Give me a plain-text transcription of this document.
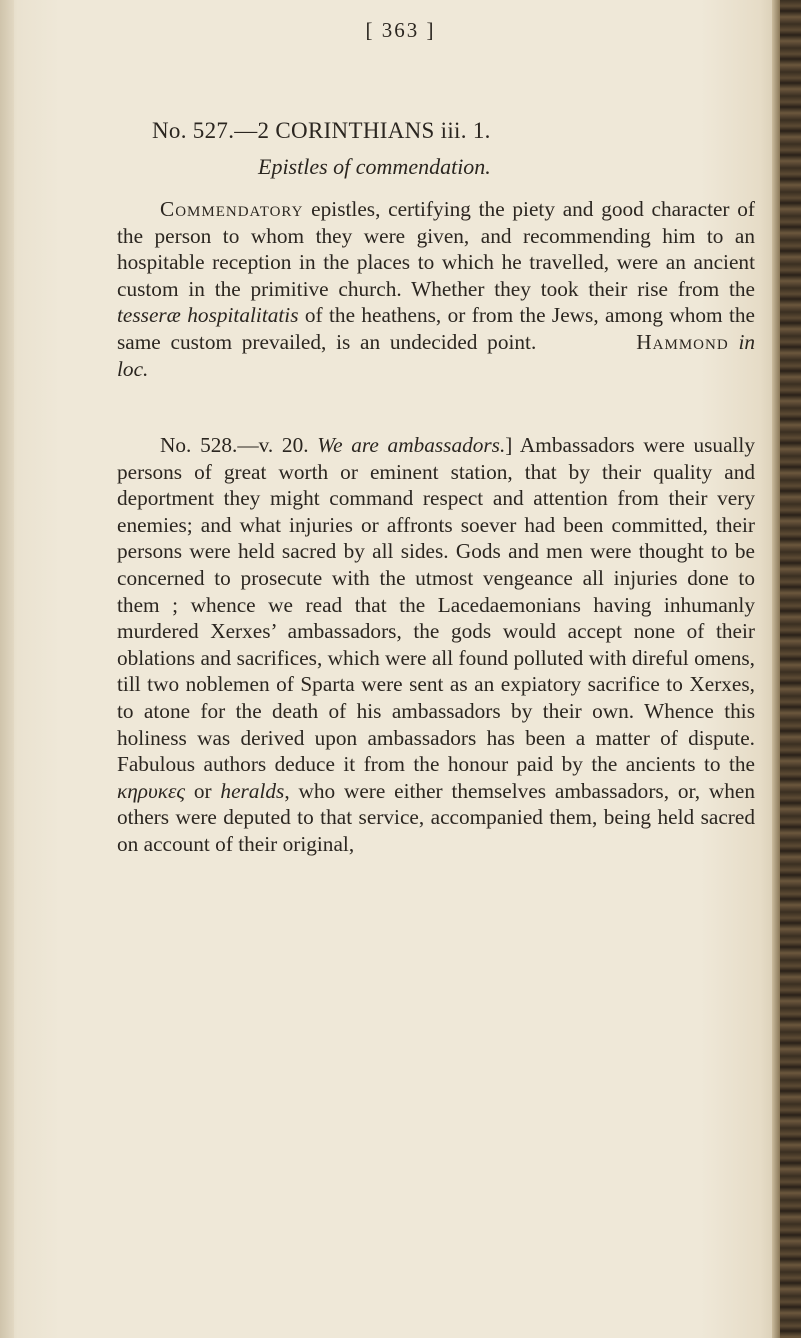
[ 363 ]
No. 527.—2 CORINTHIANS iii. 1.
Epistles of commendation.

Commendatory epistles, certifying the piety and good character of the person to whom they were given, and recommending him to an hospitable reception in the places to which he travelled, were an ancient custom in the primitive church. Whether they took their rise from the tesseræ hospitalitatis of the heathens, or from the Jews, among whom the same custom prevailed, is an undecided point.	Hammond in loc.

No. 528.—v. 20. We are ambassadors.] Ambassadors were usually persons of great worth or eminent station, that by their quality and deportment they might command respect and attention from their very enemies; and what injuries or affronts soever had been committed, their persons were held sacred by all sides. Gods and men were thought to be concerned to prosecute with the utmost vengeance all injuries done to them ; whence we read that the Lacedaemonians having inhumanly murdered Xerxes’ ambassadors, the gods would accept none of their oblations and sacrifices, which were all found polluted with direful omens, till two noblemen of Sparta were sent as an expiatory sacrifice to Xerxes, to atone for the death of his ambassadors by their own. Whence this holiness was derived upon ambassadors has been a matter of dispute. Fabulous authors deduce it from the honour paid by the ancients to the κηρυκες or heralds, who were either themselves ambassadors, or, when others were deputed to that service, accompanied them, being held sacred on account of their original,
